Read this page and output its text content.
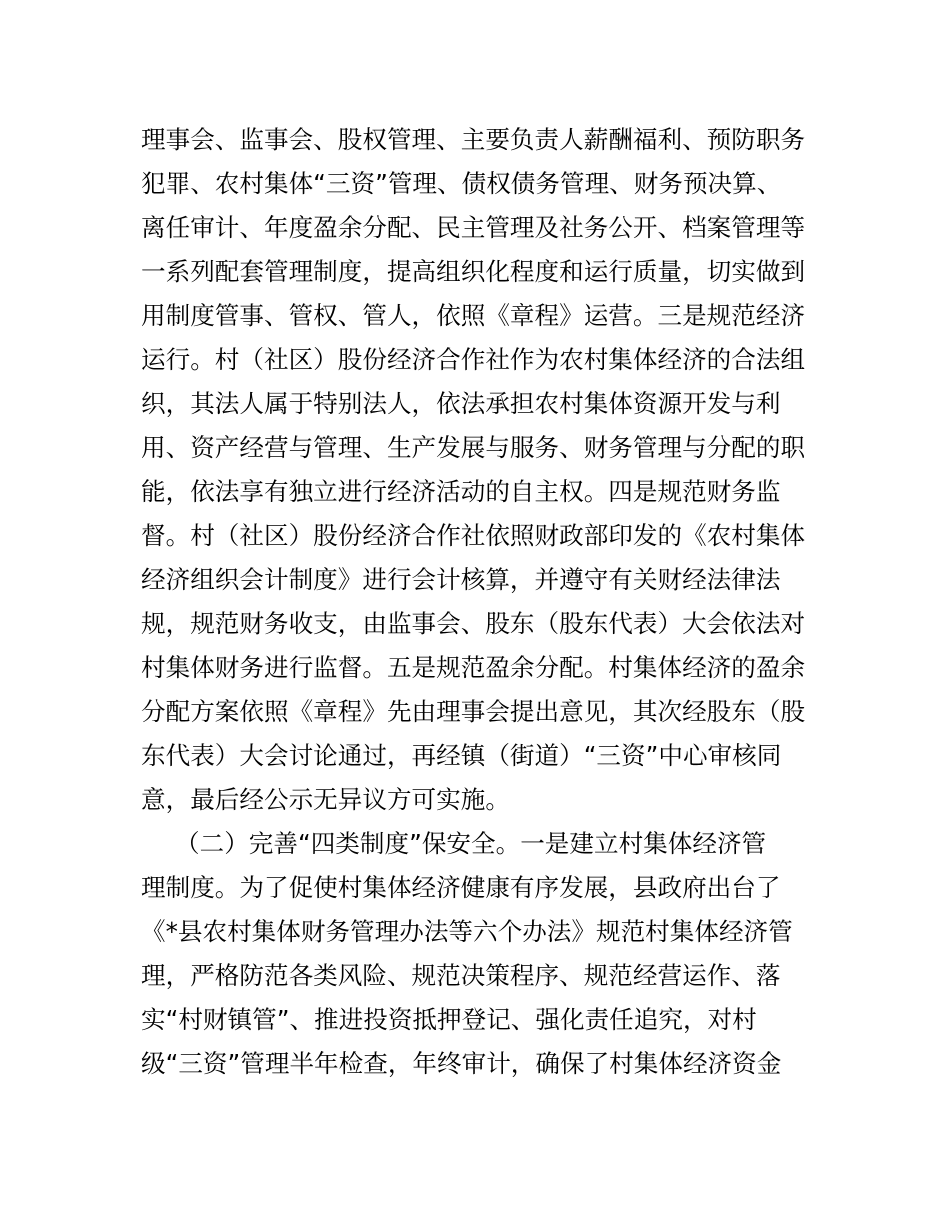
理事会、监事会、股权管理、主要负责人薪酬福利、预防职务
犯罪、农村集体“三资”管理、债权债务管理、财务预决算、
离任审计、年度盈余分配、民主管理及社务公开、档案管理等
一系列配套管理制度，提高组织化程度和运行质量，切实做到
用制度管事、管权、管人，依照《章程》运营。三是规范经济
运行。村（社区）股份经济合作社作为农村集体经济的合法组
织，其法人属于特别法人，依法承担农村集体资源开发与利
用、资产经营与管理、生产发展与服务、财务管理与分配的职
能，依法享有独立进行经济活动的自主权。四是规范财务监
督。村（社区）股份经济合作社依照财政部印发的《农村集体
经济组织会计制度》进行会计核算，并遵守有关财经法律法
规，规范财务收支，由监事会、股东（股东代表）大会依法对
村集体财务进行监督。五是规范盈余分配。村集体经济的盈余
分配方案依照《章程》先由理事会提出意见，其次经股东（股
东代表）大会讨论通过，再经镇（街道）“三资”中心审核同
意，最后经公示无异议方可实施。
（二）完善“四类制度”保安全。一是建立村集体经济管
理制度。为了促使村集体经济健康有序发展，县政府出台了
《*县农村集体财务管理办法等六个办法》规范村集体经济管
理，严格防范各类风险、规范决策程序、规范经营运作、落
实“村财镇管”、推进投资抵押登记、强化责任追究，对村
级“三资”管理半年检查，年终审计，确保了村集体经济资金
